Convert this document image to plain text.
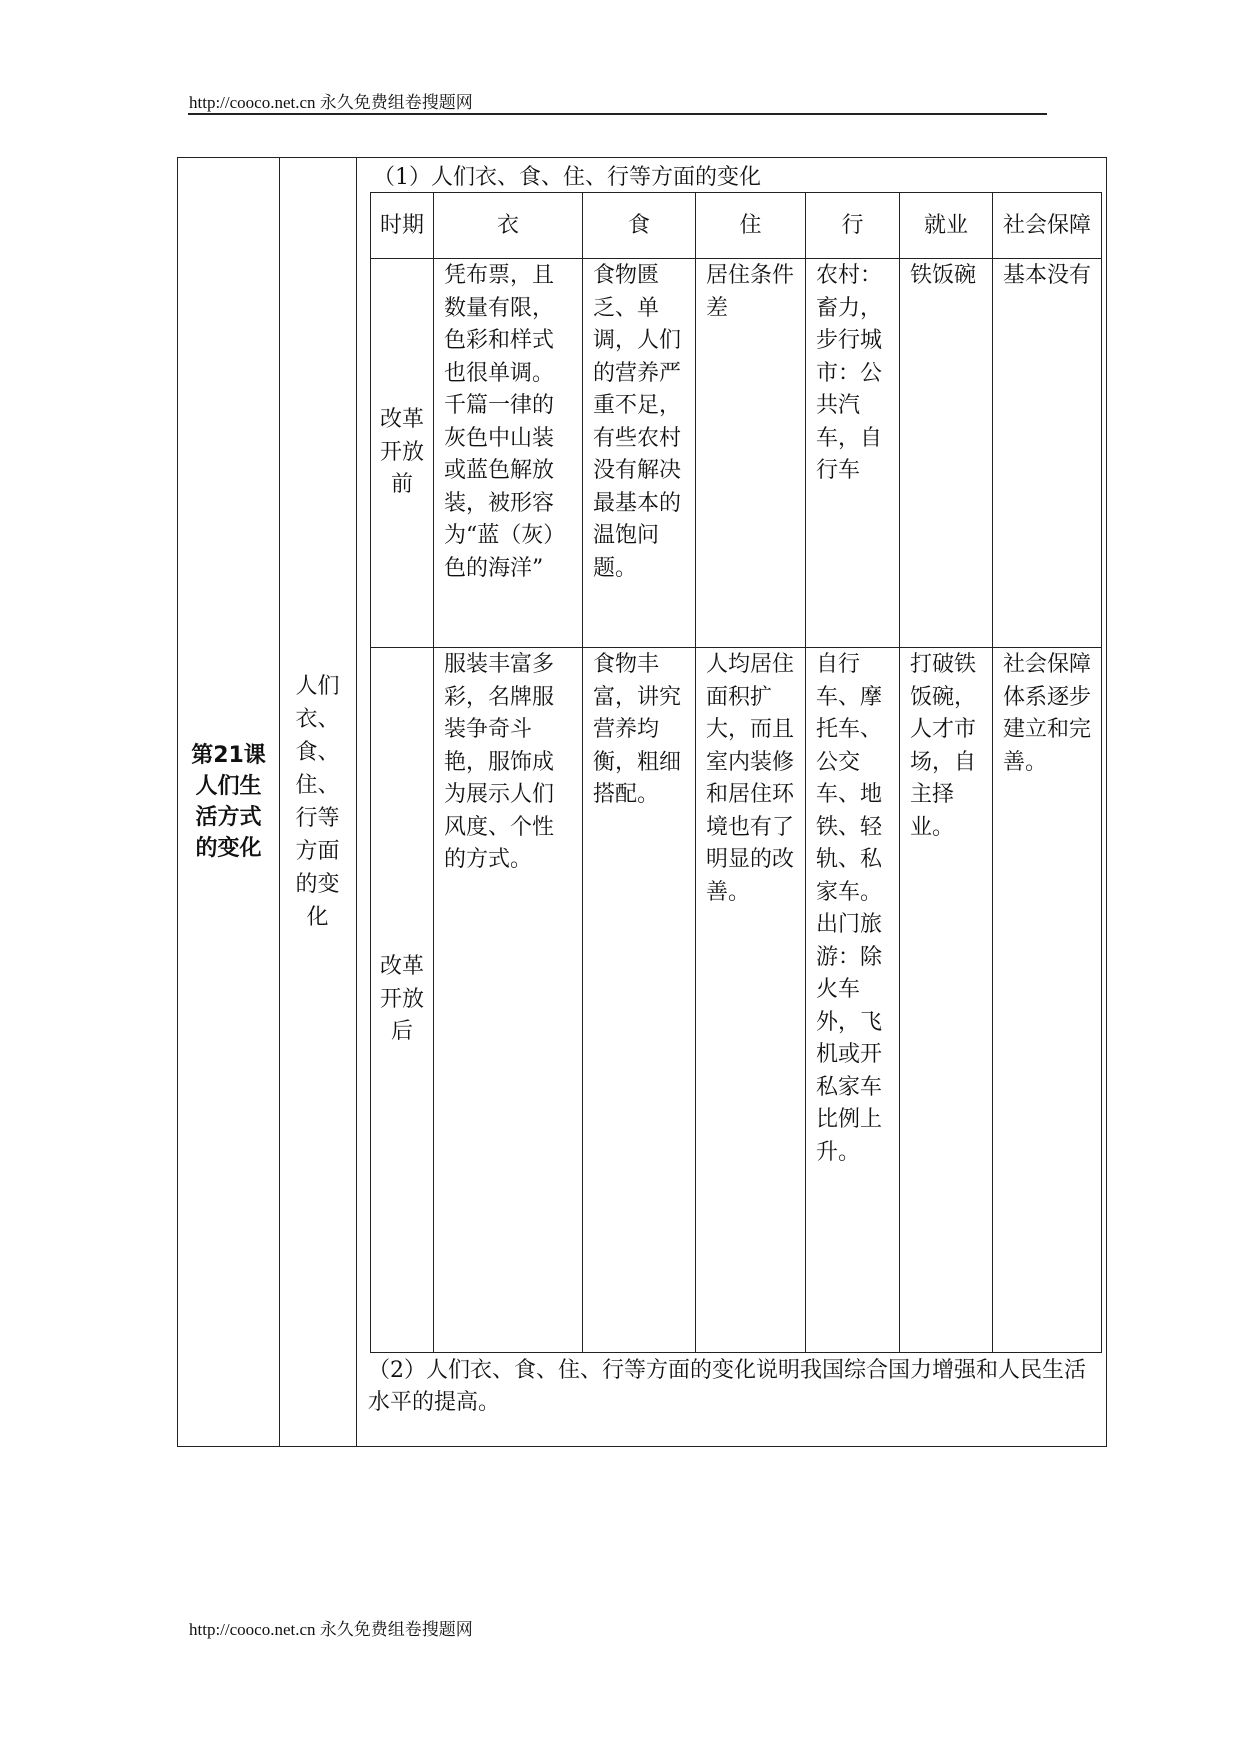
http://cooco.net.cn 永久免费组卷搜题网
第21课人们生活方式的变化
人们衣、食、住、行等方面的变化
（1）人们衣、食、住、行等方面的变化
时期	衣	食	住	行	就业	社会保障
改革开放前	凭布票，且数量有限，色彩和样式也很单调。千篇一律的灰色中山装或蓝色解放装，被形容为“蓝（灰）色的海洋”	食物匮乏、单调，人们的营养严重不足，有些农村没有解决最基本的温饱问题。	居住条件差	农村：畜力，步行城市：公共汽车，自行车	铁饭碗	基本没有
改革开放后	服装丰富多彩，名牌服装争奇斗艳，服饰成为展示人们风度、个性的方式。	食物丰富，讲究营养均衡，粗细搭配。	人均居住面积扩大，而且室内装修和居住环境也有了明显的改善。	自行车、摩托车、公交车、地铁、轻轨、私家车。出门旅游：除火车外，飞机或开私家车比例上升。	打破铁饭碗，人才市场，自主择业。	社会保障体系逐步建立和完善。
（2）人们衣、食、住、行等方面的变化说明我国综合国力增强和人民生活水平的提高。
http://cooco.net.cn 永久免费组卷搜题网
